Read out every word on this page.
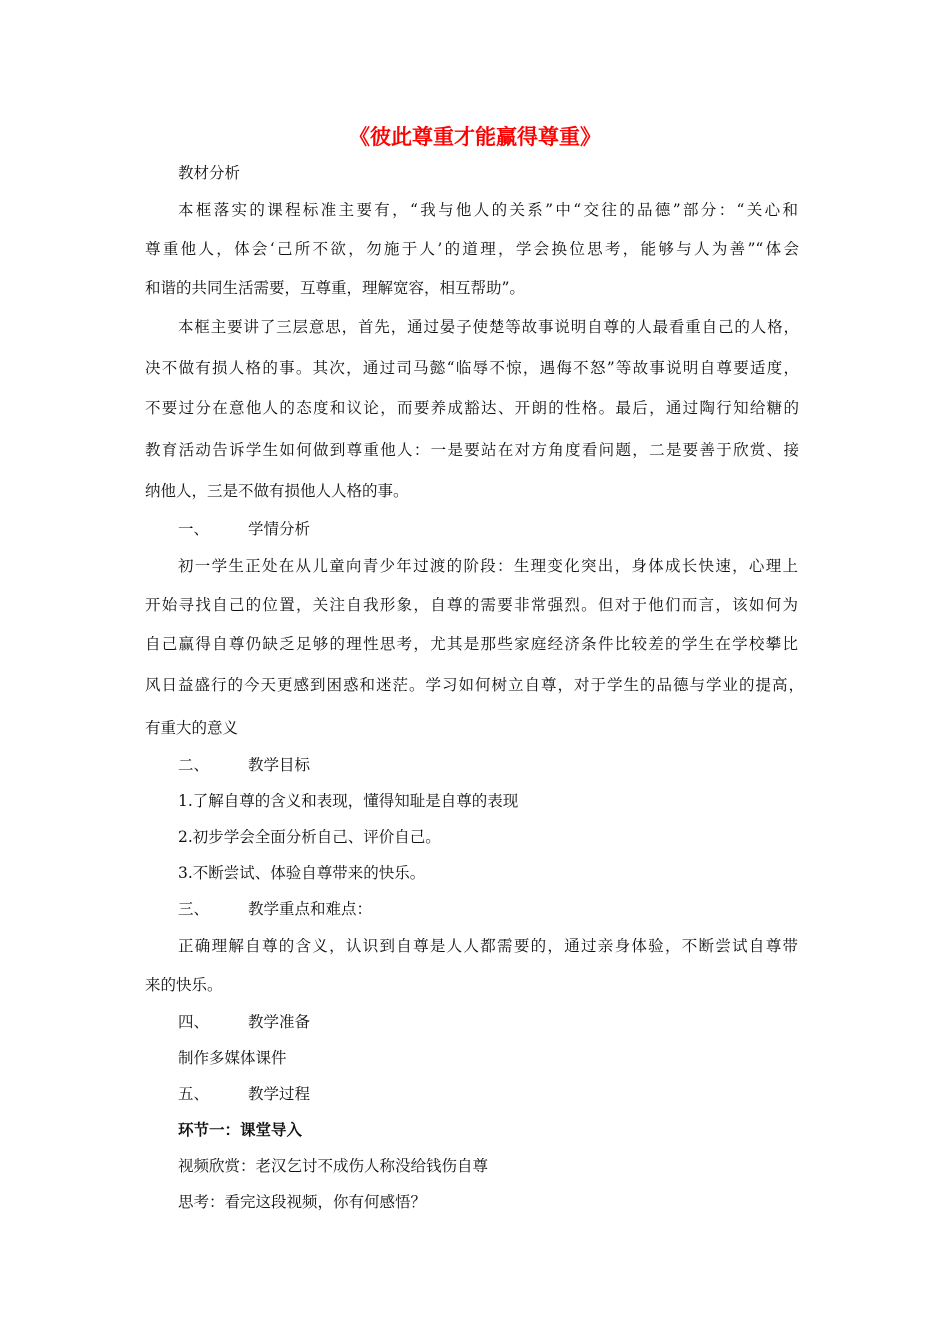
《彼此尊重才能赢得尊重》
教材分析
本框落实的课程标准主要有，“我与他人的关系”中“交往的品德”部分：“关心和
尊重他人，体会‘己所不欲，勿施于人’的道理，学会换位思考，能够与人为善”“体会
和谐的共同生活需要，互尊重，理解宽容，相互帮助”。
本框主要讲了三层意思，首先，通过晏子使楚等故事说明自尊的人最看重自己的人格，
决不做有损人格的事。其次，通过司马懿“临辱不惊，遇侮不怒”等故事说明自尊要适度，
不要过分在意他人的态度和议论，而要养成豁达、开朗的性格。最后，通过陶行知给糖的
教育活动告诉学生如何做到尊重他人：一是要站在对方角度看问题，二是要善于欣赏、接
纳他人，三是不做有损他人人格的事。
一、	学情分析
初一学生正处在从儿童向青少年过渡的阶段：生理变化突出，身体成长快速，心理上
开始寻找自己的位置，关注自我形象，自尊的需要非常强烈。但对于他们而言，该如何为
自己赢得自尊仍缺乏足够的理性思考，尤其是那些家庭经济条件比较差的学生在学校攀比
风日益盛行的今天更感到困惑和迷茫。学习如何树立自尊，对于学生的品德与学业的提高，
有重大的意义
二、	教学目标
1.了解自尊的含义和表现，懂得知耻是自尊的表现
2.初步学会全面分析自己、评价自己。
3.不断尝试、体验自尊带来的快乐。
三、	教学重点和难点：
正确理解自尊的含义，认识到自尊是人人都需要的，通过亲身体验，不断尝试自尊带
来的快乐。
四、	教学准备
制作多媒体课件
五、	教学过程
环节一：课堂导入
视频欣赏：老汉乞讨不成伤人称没给钱伤自尊
思考：看完这段视频，你有何感悟？
